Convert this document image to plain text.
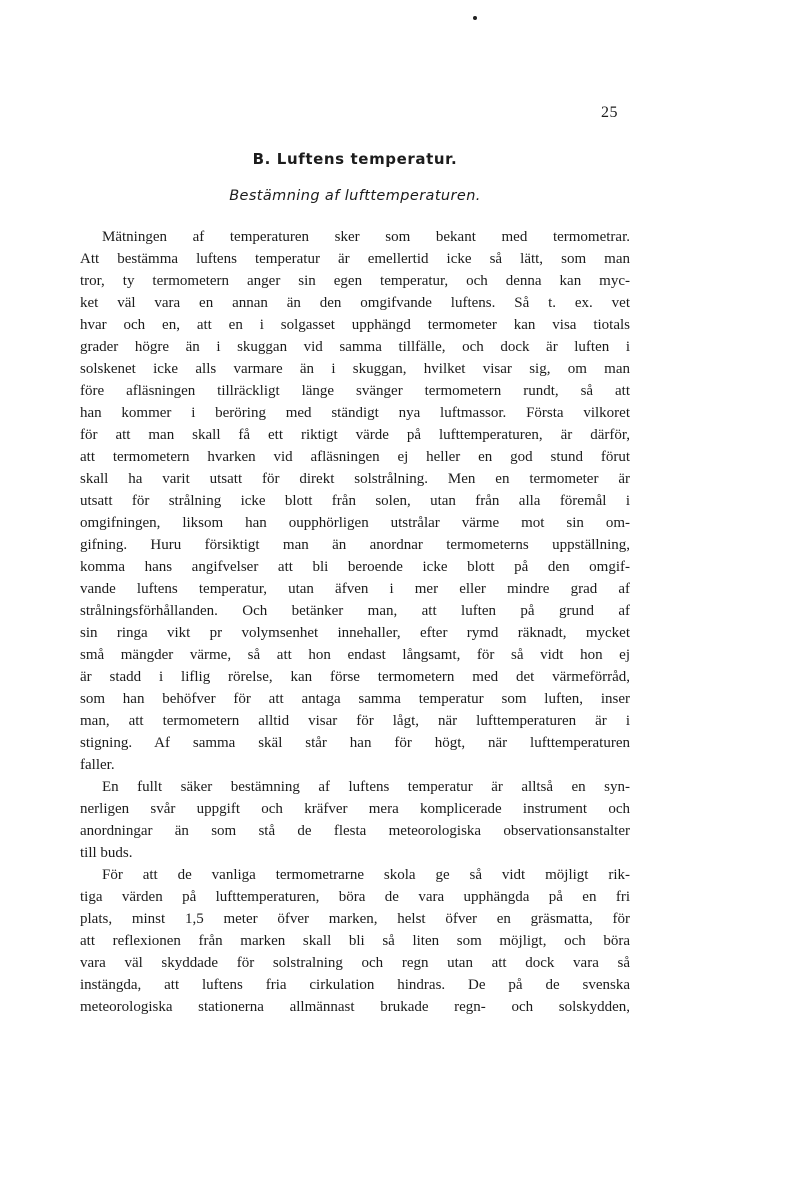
25
B. Luftens temperatur.
Bestämning af lufttemperaturen.
Mätningen af temperaturen sker som bekant med termometrar.
Att bestämma luftens temperatur är emellertid icke så lätt, som man
tror, ty termometern anger sin egen temperatur, och denna kan myc-
ket väl vara en annan än den omgifvande luftens. Så t. ex. vet
hvar och en, att en i solgasset upphängd termometer kan visa tiotals
grader högre än i skuggan vid samma tillfälle, och dock är luften i
solskenet icke alls varmare än i skuggan, hvilket visar sig, om man
före afläsningen tillräckligt länge svänger termometern rundt, så att
han kommer i beröring med ständigt nya luftmassor. Första vilkoret
för att man skall få ett riktigt värde på lufttemperaturen, är därför,
att termometern hvarken vid afläsningen ej heller en god stund förut
skall ha varit utsatt för direkt solstrålning. Men en termometer är
utsatt för strålning icke blott från solen, utan från alla föremål i
omgifningen, liksom han oupphörligen utstrålar värme mot sin om-
gifning. Huru försiktigt man än anordnar termometerns uppställning,
komma hans angifvelser att bli beroende icke blott på den omgif-
vande luftens temperatur, utan äfven i mer eller mindre grad af
strålningsförhållanden. Och betänker man, att luften på grund af
sin ringa vikt pr volymsenhet innehaller, efter rymd räknadt, mycket
små mängder värme, så att hon endast långsamt, för så vidt hon ej
är stadd i liflig rörelse, kan förse termometern med det värmeförråd,
som han behöfver för att antaga samma temperatur som luften, inser
man, att termometern alltid visar för lågt, när lufttemperaturen är i
stigning. Af samma skäl står han för högt, när lufttemperaturen
faller.
En fullt säker bestämning af luftens temperatur är alltså en syn-
nerligen svår uppgift och kräfver mera komplicerade instrument och
anordningar än som stå de flesta meteorologiska observationsanstalter
till buds.
För att de vanliga termometrarne skola ge så vidt möjligt rik-
tiga värden på lufttemperaturen, böra de vara upphängda på en fri
plats, minst 1,5 meter öfver marken, helst öfver en gräsmatta, för
att reflexionen från marken skall bli så liten som möjligt, och böra
vara väl skyddade för solstralning och regn utan att dock vara så
instängda, att luftens fria cirkulation hindras. De på de svenska
meteorologiska stationerna allmännast brukade regn- och solskydden,
